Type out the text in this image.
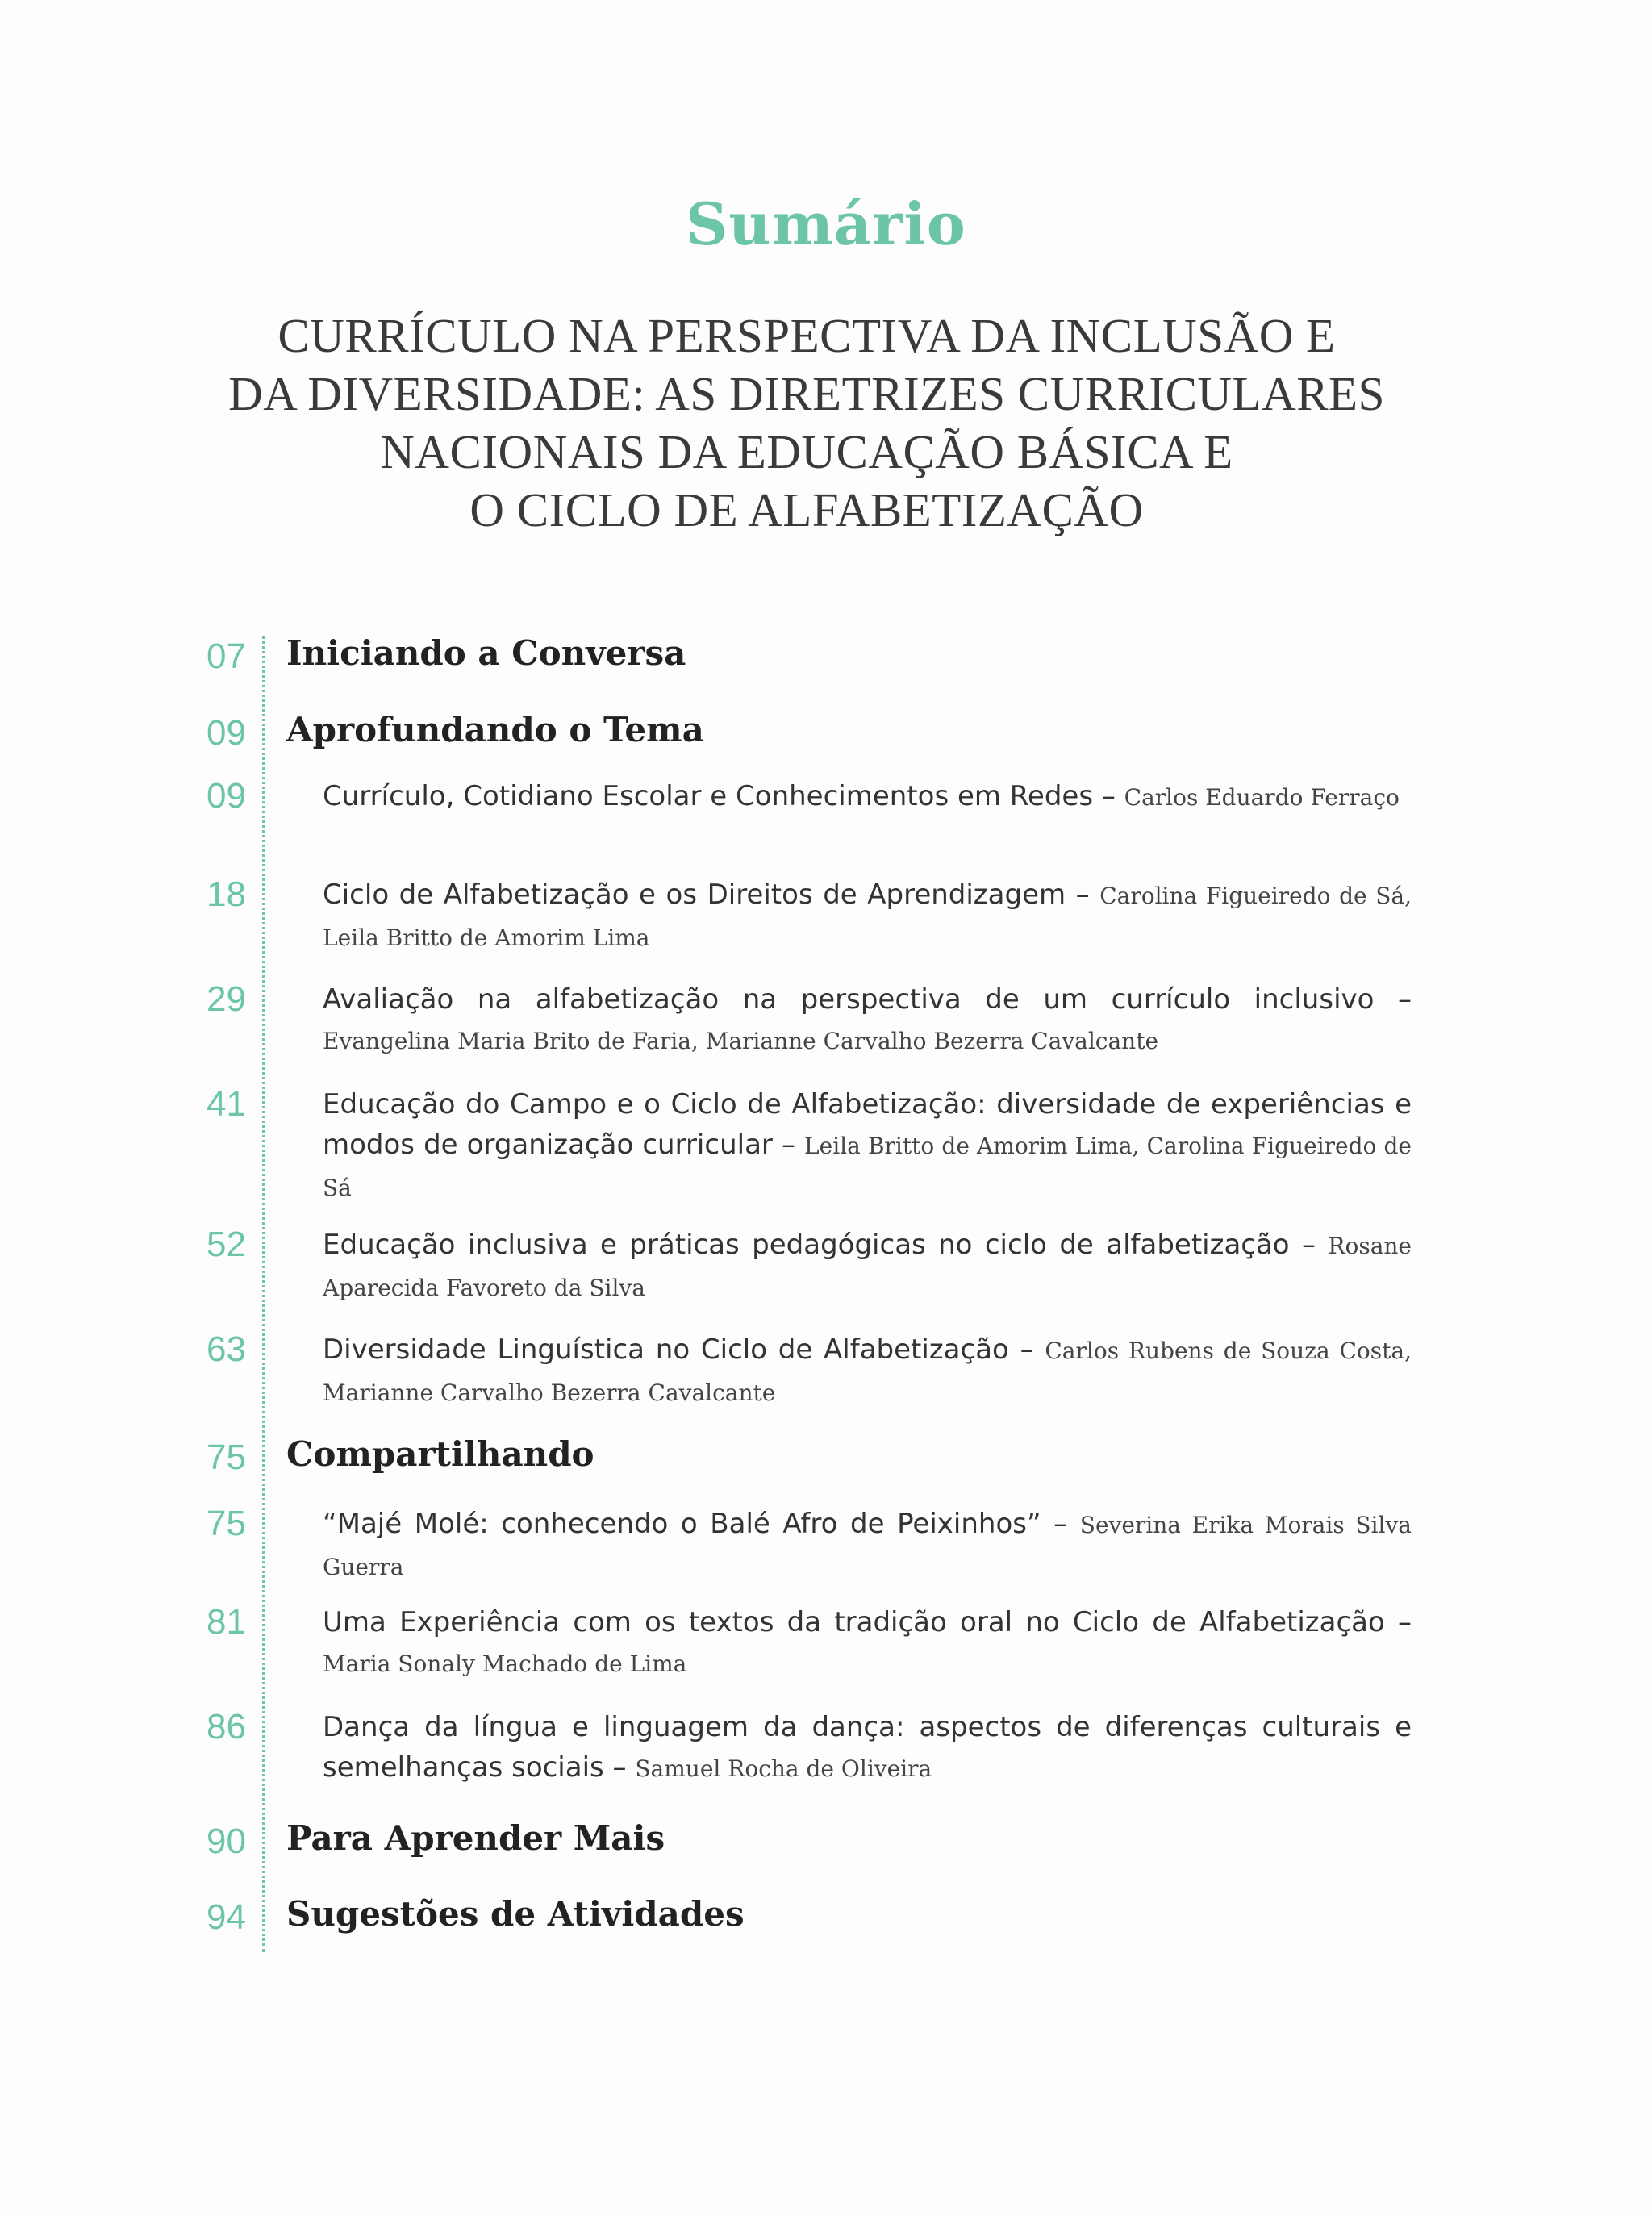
Sumário
CURRÍCULO NA PERSPECTIVA DA INCLUSÃO E
DA DIVERSIDADE: AS DIRETRIZES CURRICULARES
NACIONAIS DA EDUCAÇÃO BÁSICA E
O CICLO DE ALFABETIZAÇÃO
07 Iniciando a Conversa
09 Aprofundando o Tema
09	Currículo, Cotidiano Escolar e Conhecimentos em Redes – Carlos Eduardo Ferraço
18	Ciclo de Alfabetização e os Direitos de Aprendizagem – Carolina Figueiredo de Sá, Leila Britto de Amorim Lima
29	Avaliação na alfabetização na perspectiva de um currículo inclusivo – Evangelina Maria Brito de Faria, Marianne Carvalho Bezerra Cavalcante
41	Educação do Campo e o Ciclo de Alfabetização: diversidade de experiências e modos de organização curricular – Leila Britto de Amorim Lima, Carolina Figueiredo de Sá
52	Educação inclusiva e práticas pedagógicas no ciclo de alfabetização – Rosane Aparecida Favoreto da Silva
63	Diversidade Linguística no Ciclo de Alfabetização – Carlos Rubens de Souza Costa, Marianne Carvalho Bezerra Cavalcante
75 Compartilhando
75	“Majé Molé: conhecendo o Balé Afro de Peixinhos” – Severina Erika Morais Silva Guerra
81	Uma Experiência com os textos da tradição oral no Ciclo de Alfabetização – Maria Sonaly Machado de Lima
86	Dança da língua e linguagem da dança: aspectos de diferenças culturais e semelhanças sociais – Samuel Rocha de Oliveira
90 Para Aprender Mais
94 Sugestões de Atividades
